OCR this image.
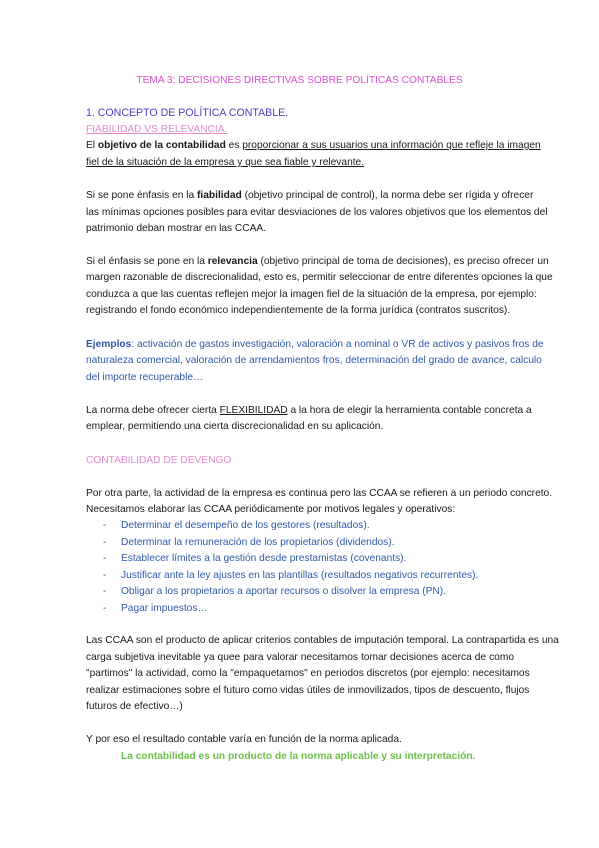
TEMA 3: DECISIONES DIRECTIVAS SOBRE POLÍTICAS CONTABLES
1. CONCEPTO DE POLÍTICA CONTABLE.
FIABILIDAD VS RELEVANCIA.
El objetivo de la contabilidad es proporcionar a sus usuarios una información que refleje la imagen
fiel de la situación de la empresa y que sea fiable y relevante.
Si se pone énfasis en la fiabilidad (objetivo principal de control), la norma debe ser rígida y ofrecer
las mínimas opciones posibles para evitar desviaciones de los valores objetivos que los elementos del
patrimonio deban mostrar en las CCAA.
Si el énfasis se pone en la relevancia (objetivo principal de toma de decisiones), es preciso ofrecer un
margen razonable de discrecionalidad, esto es, permitir seleccionar de entre diferentes opciones la que
conduzca a que las cuentas reflejen mejor la imagen fiel de la situación de la empresa, por ejemplo:
registrando el fondo económico independientemente de la forma jurídica (contratos suscritos).
Ejemplos: activación de gastos investigación, valoración a nominal o VR de activos y pasivos fros de
naturaleza comercial, valoración de arrendamientos fros, determinación del grado de avance, calculo
del importe recuperable…
La norma debe ofrecer cierta FLEXIBILIDAD a la hora de elegir la herramienta contable concreta a
emplear, permitiendo una cierta discrecionalidad en su aplicación.
CONTABILIDAD DE DEVENGO
Por otra parte, la actividad de la empresa es continua pero las CCAA se refieren a un periodo concreto.
Necesitamos elaborar las CCAA periódicamente por motivos legales y operativos:
- Determinar el desempeño de los gestores (resultados).
- Determinar la remuneración de los propietarios (dividendos).
- Establecer límites a la gestión desde prestamistas (covenants).
- Justificar ante la ley ajustes en las plantillas (resultados negativos recurrentes).
- Obligar a los propietarios a aportar recursos o disolver la empresa (PN).
- Pagar impuestos…
Las CCAA son el producto de aplicar criterios contables de imputación temporal. La contrapartida es una
carga subjetiva inevitable ya quee para valorar necesitamos tomar decisiones acerca de como
"partimos" la actividad, como la "empaquetamos" en periodos discretos (por ejemplo: necesitamos
realizar estimaciones sobre el futuro como vidas útiles de inmovilizados, tipos de descuento, flujos
futuros de efectivo…)
Y por eso el resultado contable varía en función de la norma aplicada.
La contabilidad es un producto de la norma aplicable y su interpretación.
